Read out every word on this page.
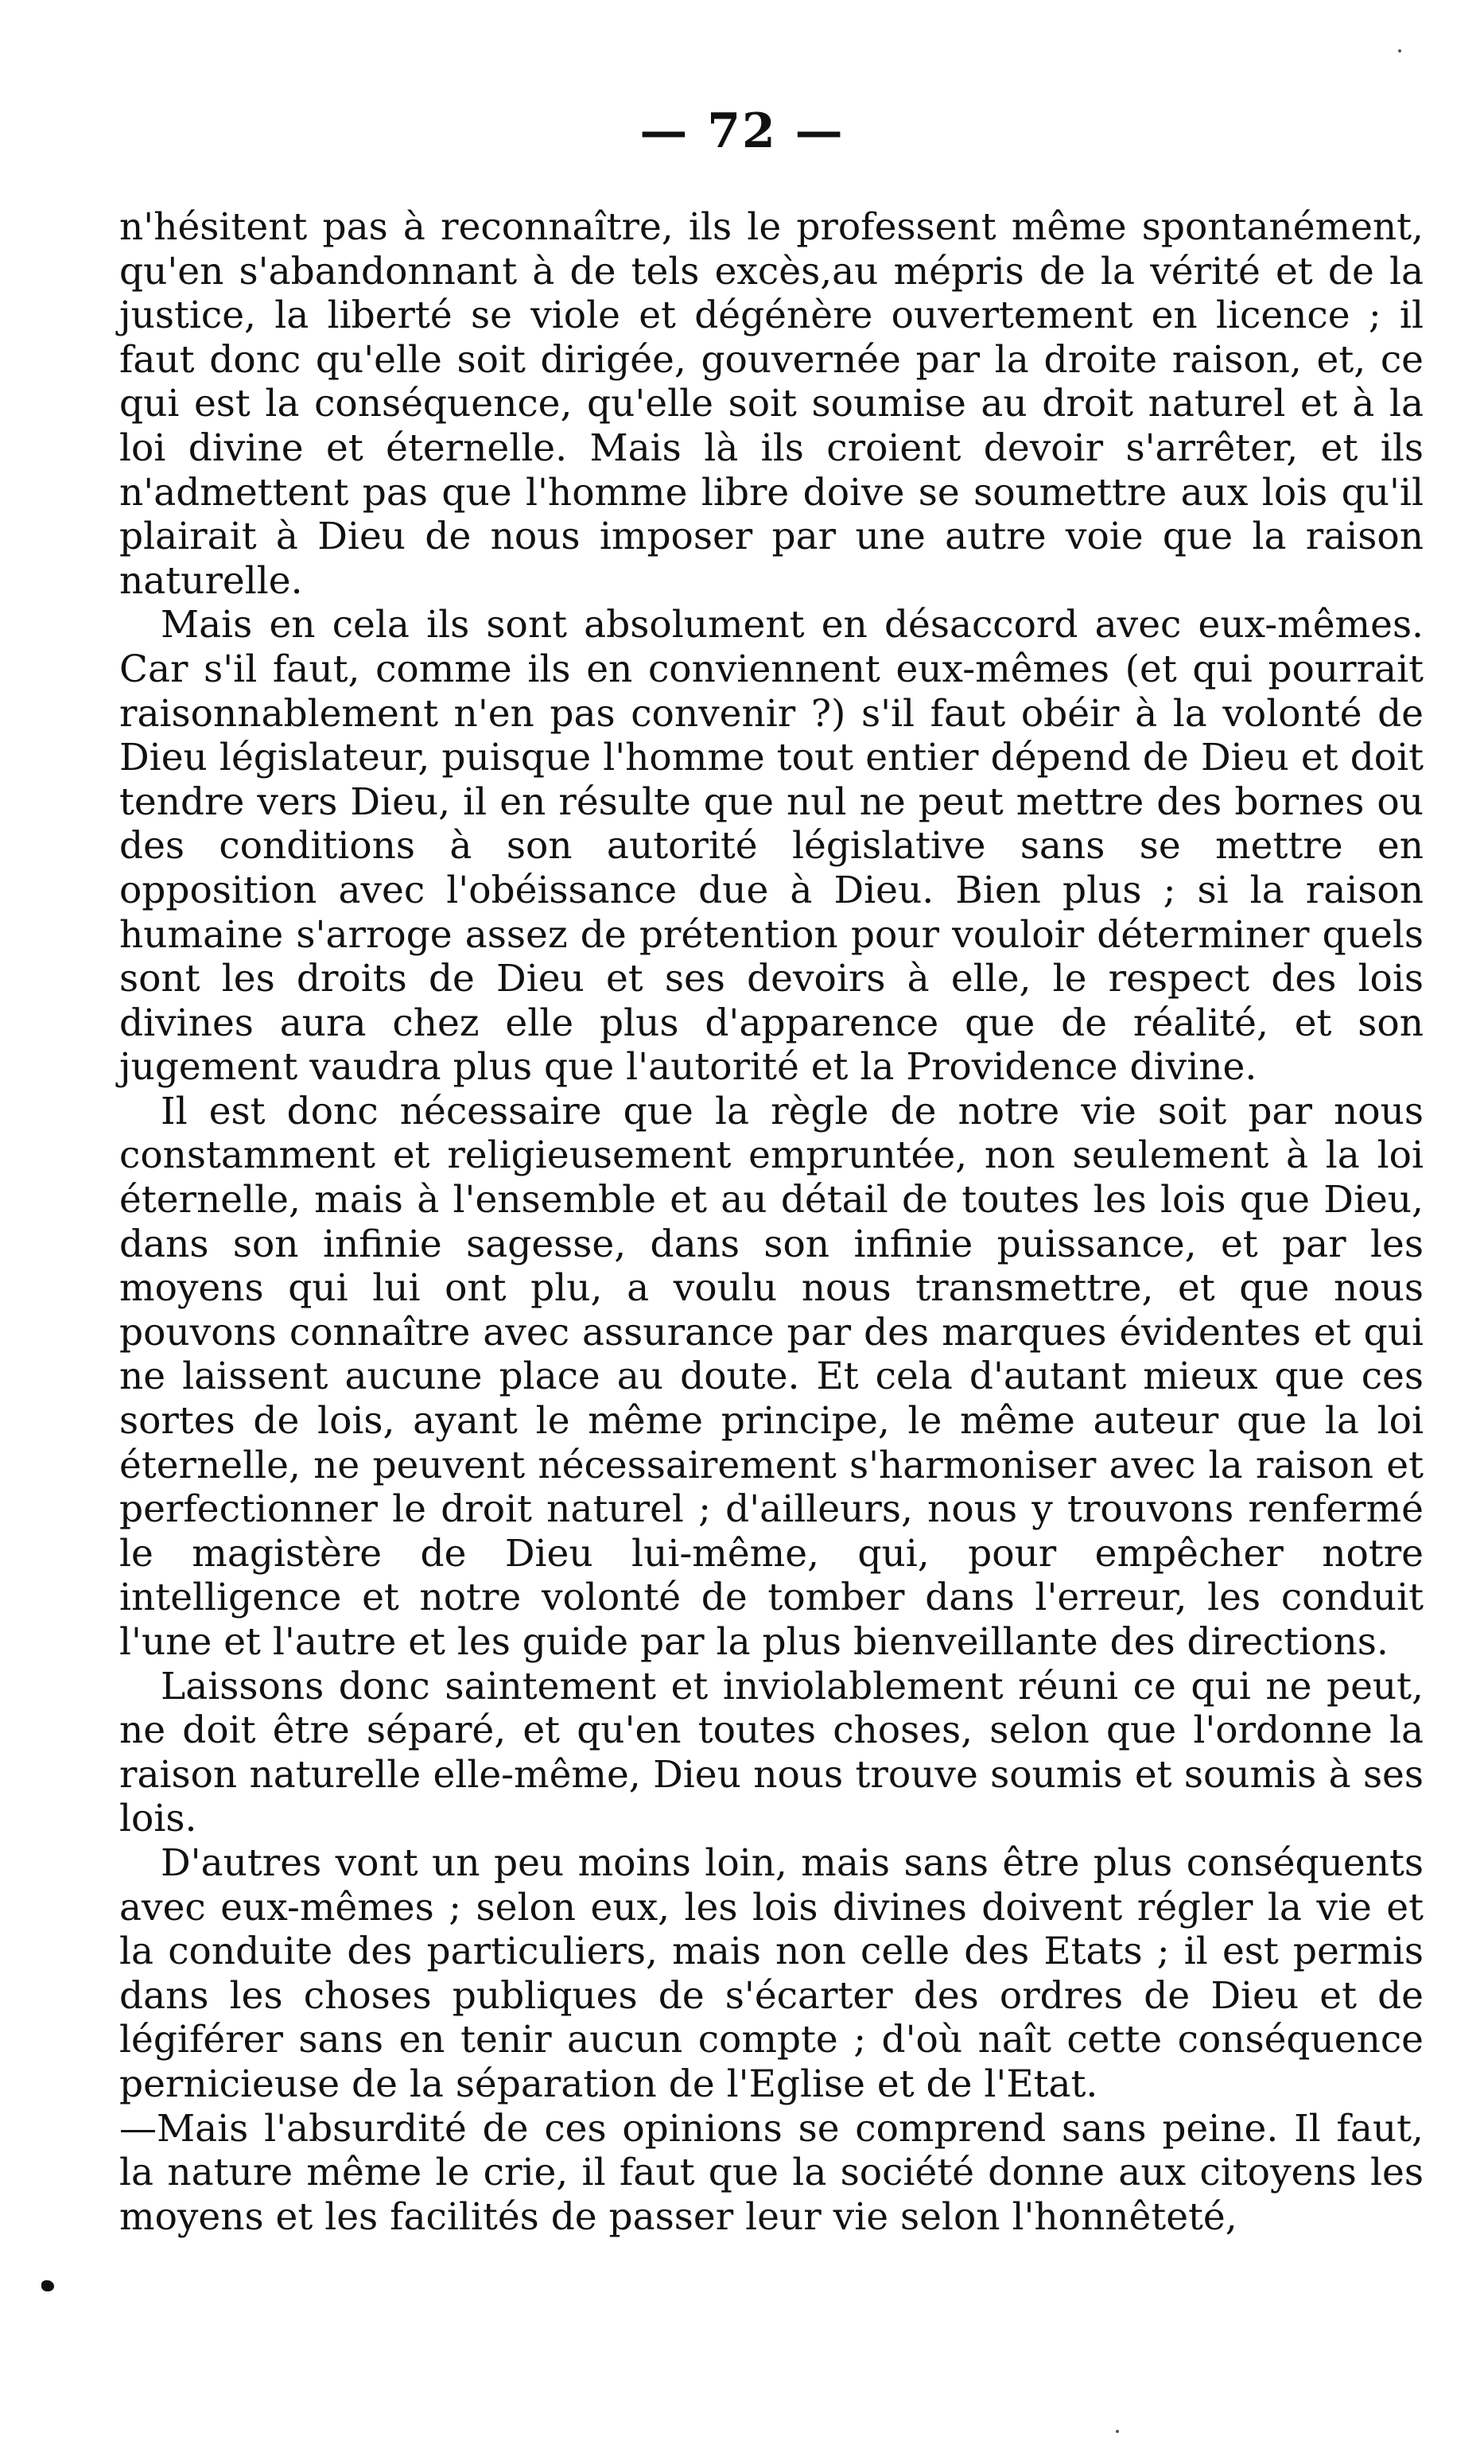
— 72 —

n'hésitent pas à reconnaître, ils le professent même spontanément, qu'en s'abandonnant à de tels excès,au mépris de la vérité et de la justice, la liberté se viole et dégénère ouvertement en licence ; il faut donc qu'elle soit dirigée, gouvernée par la droite raison, et, ce qui est la conséquence, qu'elle soit soumise au droit naturel et à la loi divine et éternelle. Mais là ils croient devoir s'arrêter, et ils n'admettent pas que l'homme libre doive se soumettre aux lois qu'il plairait à Dieu de nous imposer par une autre voie que la raison naturelle.

Mais en cela ils sont absolument en désaccord avec eux-mêmes. Car s'il faut, comme ils en conviennent eux-mêmes (et qui pourrait raisonnablement n'en pas convenir ?) s'il faut obéir à la volonté de Dieu législateur, puisque l'homme tout entier dépend de Dieu et doit tendre vers Dieu, il en résulte que nul ne peut mettre des bornes ou des conditions à son autorité législative sans se mettre en opposition avec l'obéissance due à Dieu. Bien plus ; si la raison humaine s'arroge assez de prétention pour vouloir déterminer quels sont les droits de Dieu et ses devoirs à elle, le respect des lois divines aura chez elle plus d'apparence que de réalité, et son jugement vaudra plus que l'autorité et la Providence divine.

Il est donc nécessaire que la règle de notre vie soit par nous constamment et religieusement empruntée, non seulement à la loi éternelle, mais à l'ensemble et au détail de toutes les lois que Dieu, dans son infinie sagesse, dans son infinie puissance, et par les moyens qui lui ont plu, a voulu nous transmettre, et que nous pouvons connaître avec assurance par des marques évidentes et qui ne laissent aucune place au doute. Et cela d'autant mieux que ces sortes de lois, ayant le même principe, le même auteur que la loi éternelle, ne peuvent nécessairement s'harmoniser avec la raison et perfectionner le droit naturel ; d'ailleurs, nous y trouvons renfermé le magistère de Dieu lui-même, qui, pour empêcher notre intelligence et notre volonté de tomber dans l'erreur, les conduit l'une et l'autre et les guide par la plus bienveillante des directions.

Laissons donc saintement et inviolablement réuni ce qui ne peut, ne doit être séparé, et qu'en toutes choses, selon que l'ordonne la raison naturelle elle-même, Dieu nous trouve soumis et soumis à ses lois.

D'autres vont un peu moins loin, mais sans être plus conséquents avec eux-mêmes ; selon eux, les lois divines doivent régler la vie et la conduite des particuliers, mais non celle des Etats ; il est permis dans les choses publiques de s'écarter des ordres de Dieu et de légiférer sans en tenir aucun compte ; d'où naît cette conséquence pernicieuse de la séparation de l'Eglise et de l'Etat.

—Mais l'absurdité de ces opinions se comprend sans peine. Il faut, la nature même le crie, il faut que la société donne aux citoyens les moyens et les facilités de passer leur vie selon l'honnêteté,
